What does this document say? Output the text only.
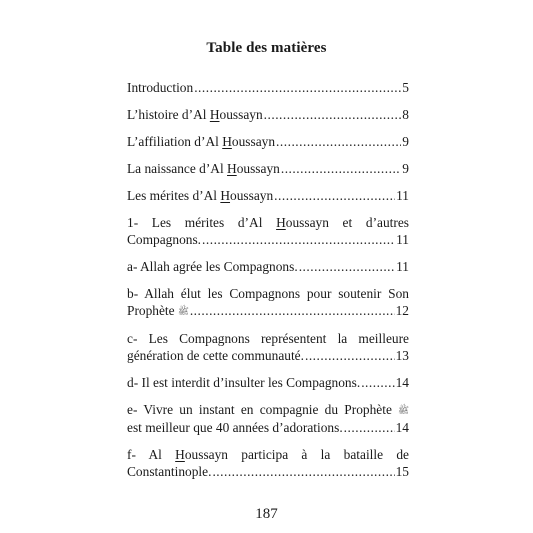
Table des matières
Introduction .....	5
L’histoire d’Al Houssayn .....	8
L’affiliation d’Al Houssayn .....	9
La naissance d’Al Houssayn .....	9
Les mérites d’Al Houssayn .....	11
1- Les mérites d’Al Houssayn et d’autres
Compagnons. .....	11
a- Allah agrée les Compagnons. .....	11
b- Allah élut les Compagnons pour soutenir Son
Prophète ﷺ .....	12
c- Les Compagnons représentent la meilleure
génération de cette communauté. .....	13
d- Il est interdit d’insulter les Compagnons. .....	14
e- Vivre un instant en compagnie du Prophète ﷺ
est meilleur que 40 années d’adorations. .....	14
f- Al Houssayn participa à la bataille de
Constantinople. .....	15
187
